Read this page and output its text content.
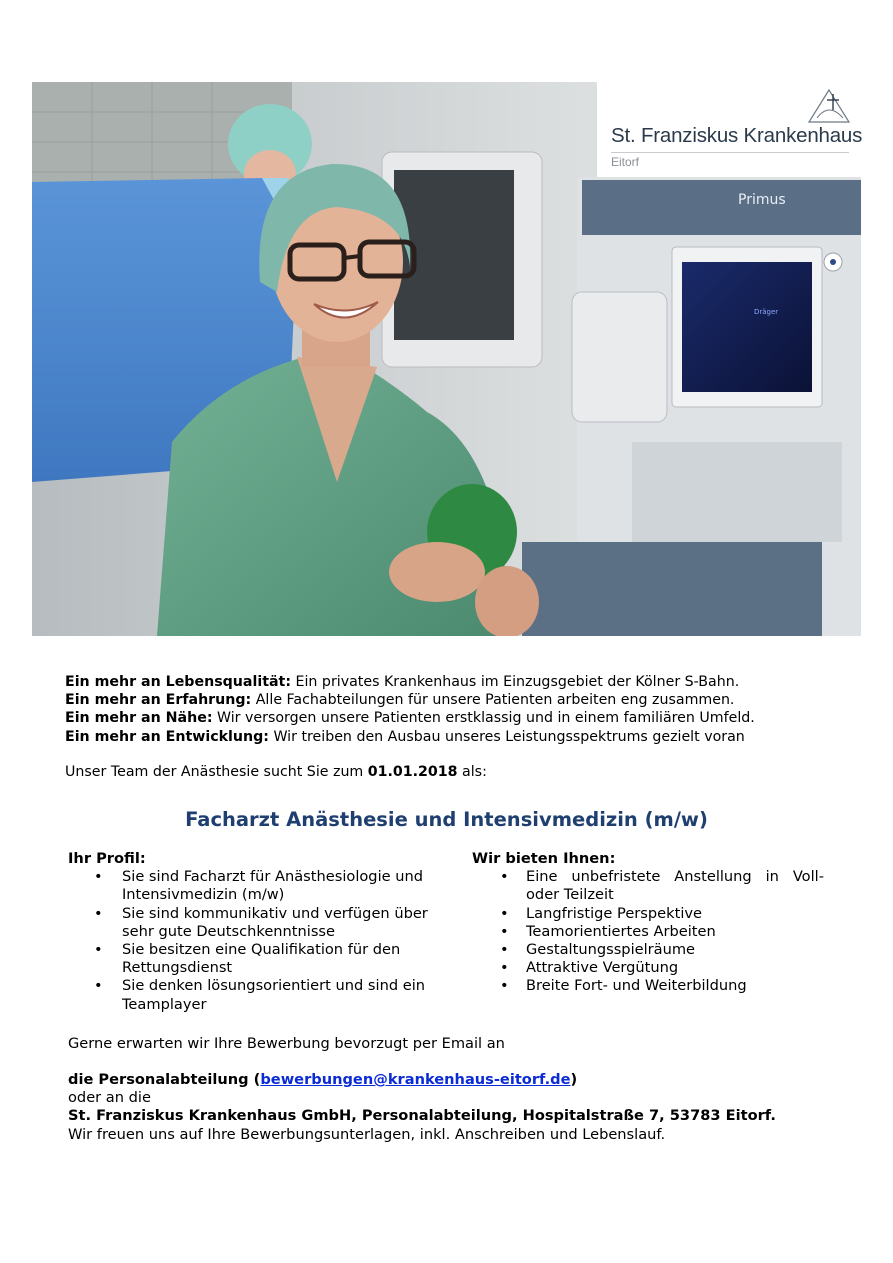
Primus
Dräger
St. Franziskus Krankenhaus
Eitorf

Ein mehr an Lebensqualität: Ein privates Krankenhaus im Einzugsgebiet der Kölner S-Bahn.

Ein mehr an Erfahrung: Alle Fachabteilungen für unsere Patienten arbeiten eng zusammen.

Ein mehr an Nähe: Wir versorgen unsere Patienten erstklassig und in einem familiären Umfeld.

Ein mehr an Entwicklung: Wir treiben den Ausbau unseres Leistungsspektrums gezielt voran

Unser Team der Anästhesie sucht Sie zum 01.01.2018 als:
Facharzt Anästhesie und Intensivmedizin (m/w)
Ihr Profil:
• Sie sind Facharzt für Anästhesiologie und Intensivmedizin (m/w)
• Sie sind kommunikativ und verfügen über sehr gute Deutschkenntnisse
• Sie besitzen eine Qualifikation für den Rettungsdienst
• Sie denken lösungsorientiert und sind ein Teamplayer
Wir bieten Ihnen:
• Eine unbefristete Anstellung in Voll- oder Teilzeit
• Langfristige Perspektive
• Teamorientiertes Arbeiten
• Gestaltungsspielräume
• Attraktive Vergütung
• Breite Fort- und Weiterbildung
Gerne erwarten wir Ihre Bewerbung bevorzugt per Email an

die Personalabteilung (bewerbungen@krankenhaus-eitorf.de)

oder an die

St. Franziskus Krankenhaus GmbH, Personalabteilung, Hospitalstraße 7, 53783 Eitorf.

Wir freuen uns auf Ihre Bewerbungsunterlagen, inkl. Anschreiben und Lebenslauf.
